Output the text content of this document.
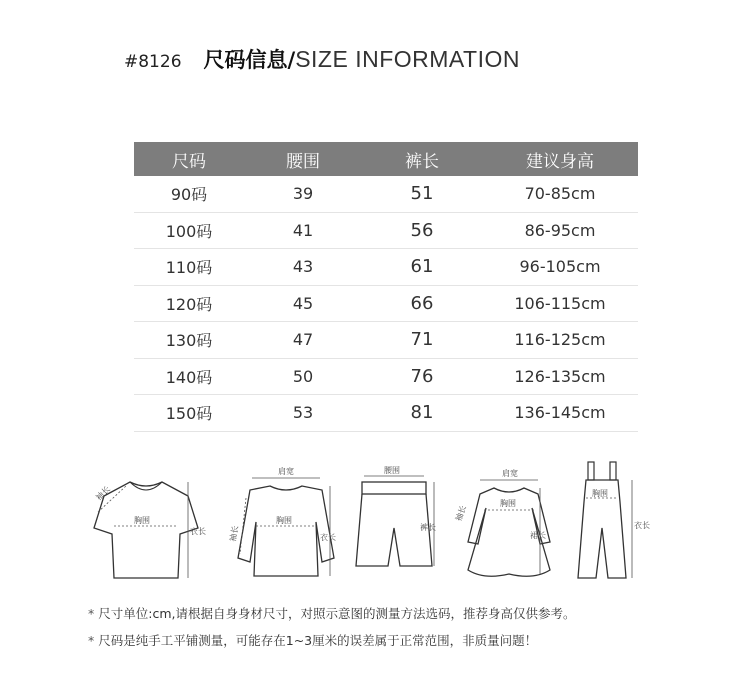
#8126 尺码信息/ SIZE INFORMATION
尺码	腰围	裤长	建议身高
90码	39	51	70-85cm
100码	41	56	86-95cm
110码	43	61	96-105cm
120码	45	66	106-115cm
130码	47	71	116-125cm
140码	50	76	126-135cm
150码	53	81	136-145cm
袖长
胸围
衣长
肩宽
袖长
胸围
衣长
腰围
裤长
肩宽
袖长
胸围
裙长
胸围
衣长
* 尺寸单位:cm,请根据自身身材尺寸，对照示意图的测量方法选码，推荐身高仅供参考。
* 尺码是纯手工平铺测量，可能存在1~3厘米的误差属于正常范围，非质量问题！
